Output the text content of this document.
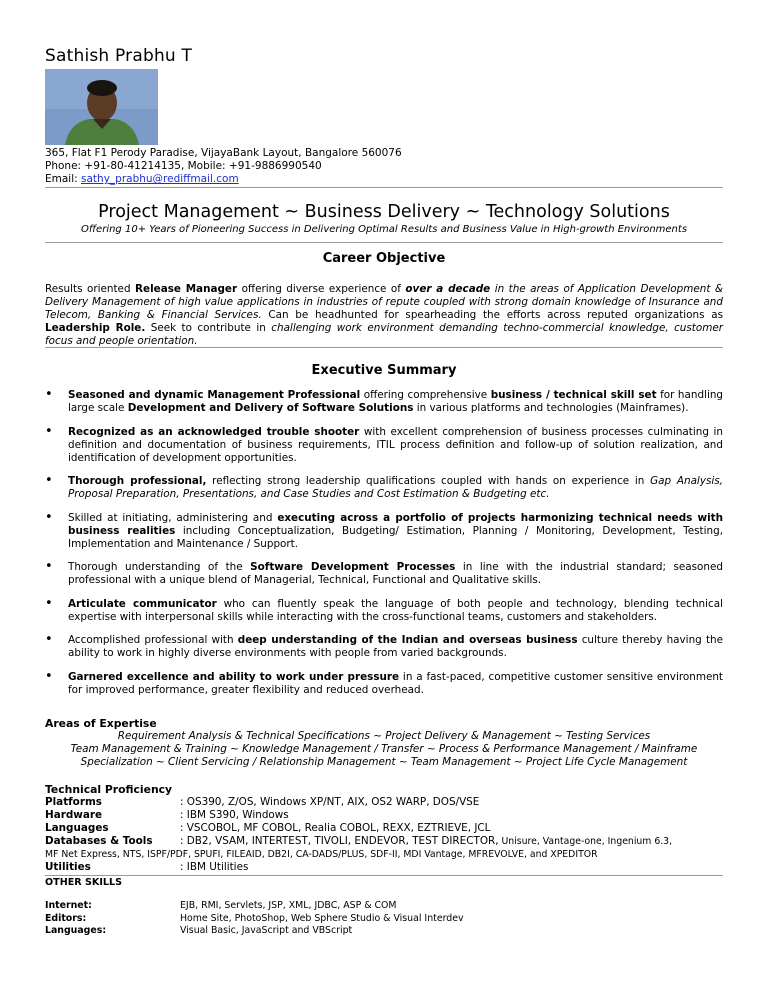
Sathish Prabhu T
365, Flat F1 Perody Paradise, VijayaBank Layout, Bangalore 560076
Phone: +91-80-41214135, Mobile: +91-9886990540
Email: sathy_prabhu@rediffmail.com
Project Management ~ Business Delivery ~ Technology Solutions
Offering 10+ Years of Pioneering Success in Delivering Optimal Results and Business Value in High-growth Environments
Career Objective
Results oriented Release Manager offering diverse experience of over a decade in the areas of Application Development & Delivery Management of high value applications in industries of repute coupled with strong domain knowledge of Insurance and Telecom, Banking & Financial Services. Can be headhunted for spearheading the efforts across reputed organizations as Leadership Role. Seek to contribute in challenging work environment demanding techno-commercial knowledge, customer focus and people orientation.
Executive Summary
• Seasoned and dynamic Management Professional offering comprehensive business / technical skill set for handling large scale Development and Delivery of Software Solutions in various platforms and technologies (Mainframes).
• Recognized as an acknowledged trouble shooter with excellent comprehension of business processes culminating in definition and documentation of business requirements, ITIL process definition and follow-up of solution realization, and identification of development opportunities.
• Thorough professional, reflecting strong leadership qualifications coupled with hands on experience in Gap Analysis, Proposal Preparation, Presentations, and Case Studies and Cost Estimation & Budgeting etc.
• Skilled at initiating, administering and executing across a portfolio of projects harmonizing technical needs with business realities including Conceptualization, Budgeting/ Estimation, Planning / Monitoring, Development, Testing, Implementation and Maintenance / Support.
• Thorough understanding of the Software Development Processes in line with the industrial standard; seasoned professional with a unique blend of Managerial, Technical, Functional and Qualitative skills.
• Articulate communicator who can fluently speak the language of both people and technology, blending technical expertise with interpersonal skills while interacting with the cross-functional teams, customers and stakeholders.
• Accomplished professional with deep understanding of the Indian and overseas business culture thereby having the ability to work in highly diverse environments with people from varied backgrounds.
• Garnered excellence and ability to work under pressure in a fast-paced, competitive customer sensitive environment for improved performance, greater flexibility and reduced overhead.
Areas of Expertise
Requirement Analysis & Technical Specifications ~ Project Delivery & Management ~ Testing Services
Team Management & Training ~ Knowledge Management / Transfer ~ Process & Performance Management / Mainframe
Specialization ~ Client Servicing / Relationship Management ~ Team Management ~ Project Life Cycle Management
Technical Proficiency
Platforms	: OS390, Z/OS, Windows XP/NT, AIX, OS2 WARP, DOS/VSE
Hardware	: IBM S390, Windows
Languages	: VSCOBOL, MF COBOL, Realia COBOL, REXX, EZTRIEVE, JCL
Databases & Tools	: DB2, VSAM, INTERTEST, TIVOLI, ENDEVOR, TEST DIRECTOR, Unisure, Vantage-one, Ingenium 6.3,
MF Net Express, NTS, ISPF/PDF, SPUFI, FILEAID, DB2I, CA-DADS/PLUS, SDF-II, MDI Vantage, MFREVOLVE, and XPEDITOR
Utilities	: IBM Utilities
OTHER SKILLS
Internet:	EJB, RMI, Servlets, JSP, XML, JDBC, ASP & COM
Editors:	Home Site, PhotoShop, Web Sphere Studio & Visual Interdev
Languages:	Visual Basic, JavaScript and VBScript
